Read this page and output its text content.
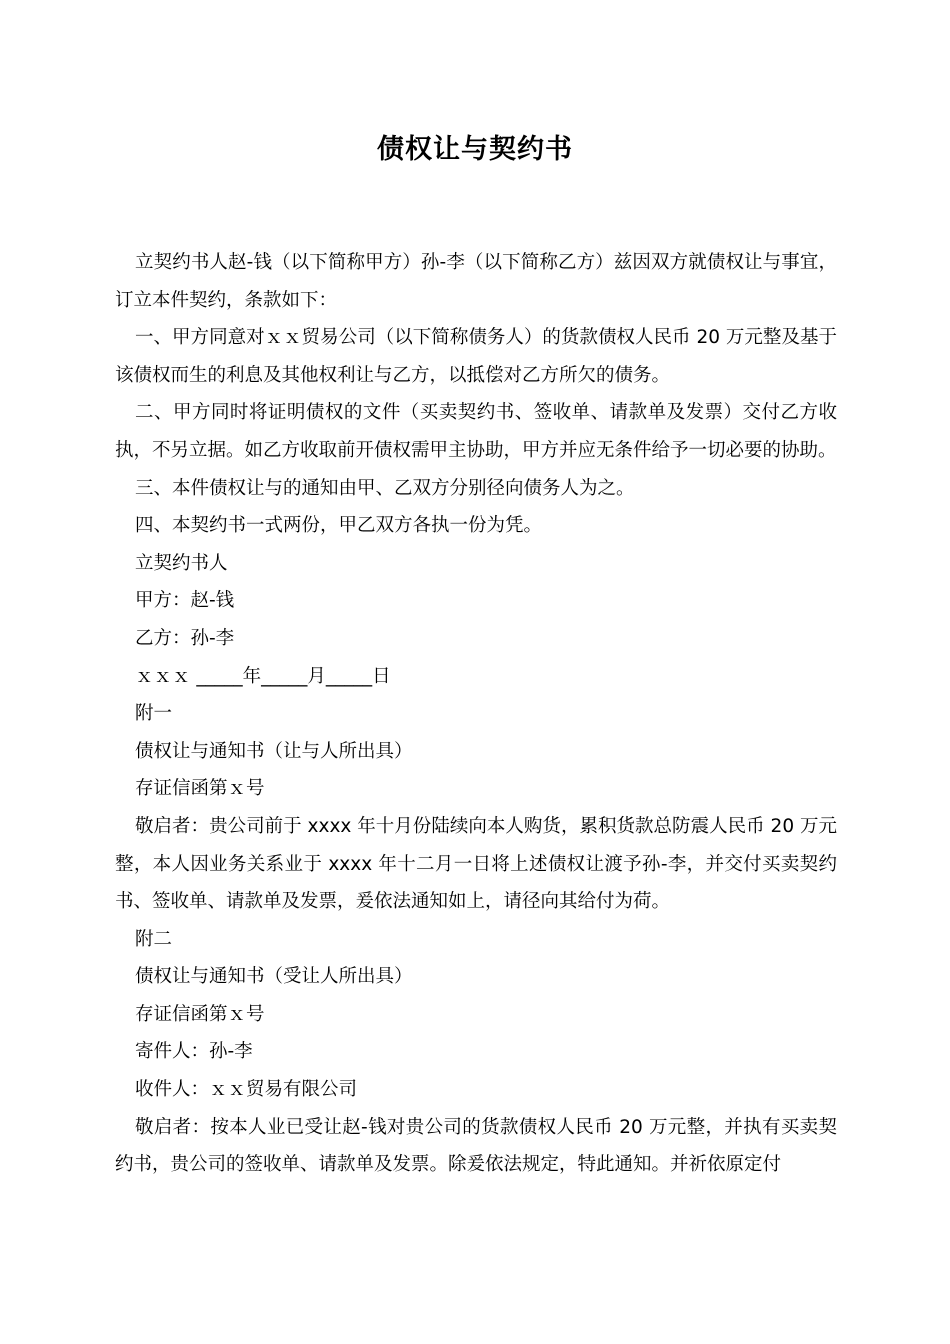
债权让与契约书

立契约书人赵-钱（以下简称甲方）孙-李（以下简称乙方）兹因双方就债权让与事宜，订立本件契约，条款如下：

一、甲方同意对ｘｘ贸易公司（以下简称债务人）的货款债权人民币 20 万元整及基于该债权而生的利息及其他权利让与乙方，以抵偿对乙方所欠的债务。

二、甲方同时将证明债权的文件（买卖契约书、签收单、请款单及发票）交付乙方收执，不另立据。如乙方收取前开债权需甲主协助，甲方并应无条件给予一切必要的协助。

三、本件债权让与的通知由甲、乙双方分别径向债务人为之。

四、本契约书一式两份，甲乙双方各执一份为凭。

立契约书人

甲方：赵-钱

乙方：孙-李

ｘｘｘ _____年_____月_____日

附一

债权让与通知书（让与人所出具）

存证信函第ｘ号

敬启者：贵公司前于 xxxx 年十月份陆续向本人购货，累积货款总防震人民币 20 万元整，本人因业务关系业于 xxxx 年十二月一日将上述债权让渡予孙-李，并交付买卖契约书、签收单、请款单及发票，爰依法通知如上，请径向其给付为荷。

附二

债权让与通知书（受让人所出具）

存证信函第ｘ号

寄件人：孙-李

收件人：ｘｘ贸易有限公司

敬启者：按本人业已受让赵-钱对贵公司的货款债权人民币 20 万元整，并执有买卖契约书，贵公司的签收单、请款单及发票。除爰依法规定，特此通知。并祈依原定付
